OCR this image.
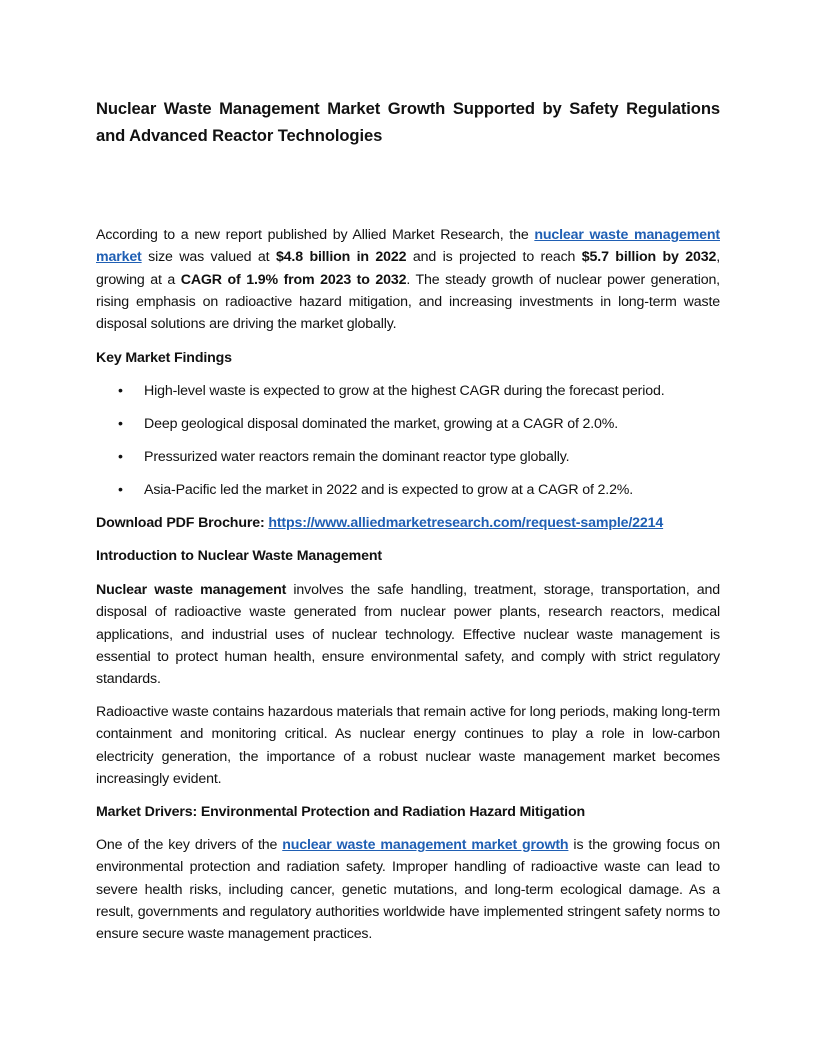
Nuclear Waste Management Market Growth Supported by Safety Regulations and Advanced Reactor Technologies
According to a new report published by Allied Market Research, the nuclear waste management market size was valued at $4.8 billion in 2022 and is projected to reach $5.7 billion by 2032, growing at a CAGR of 1.9% from 2023 to 2032. The steady growth of nuclear power generation, rising emphasis on radioactive hazard mitigation, and increasing investments in long-term waste disposal solutions are driving the market globally.
Key Market Findings
• High-level waste is expected to grow at the highest CAGR during the forecast period.
• Deep geological disposal dominated the market, growing at a CAGR of 2.0%.
• Pressurized water reactors remain the dominant reactor type globally.
• Asia-Pacific led the market in 2022 and is expected to grow at a CAGR of 2.2%.
Download PDF Brochure: https://www.alliedmarketresearch.com/request-sample/2214
Introduction to Nuclear Waste Management
Nuclear waste management involves the safe handling, treatment, storage, transportation, and disposal of radioactive waste generated from nuclear power plants, research reactors, medical applications, and industrial uses of nuclear technology. Effective nuclear waste management is essential to protect human health, ensure environmental safety, and comply with strict regulatory standards.
Radioactive waste contains hazardous materials that remain active for long periods, making long-term containment and monitoring critical. As nuclear energy continues to play a role in low-carbon electricity generation, the importance of a robust nuclear waste management market becomes increasingly evident.
Market Drivers: Environmental Protection and Radiation Hazard Mitigation
One of the key drivers of the nuclear waste management market growth is the growing focus on environmental protection and radiation safety. Improper handling of radioactive waste can lead to severe health risks, including cancer, genetic mutations, and long-term ecological damage. As a result, governments and regulatory authorities worldwide have implemented stringent safety norms to ensure secure waste management practices.
